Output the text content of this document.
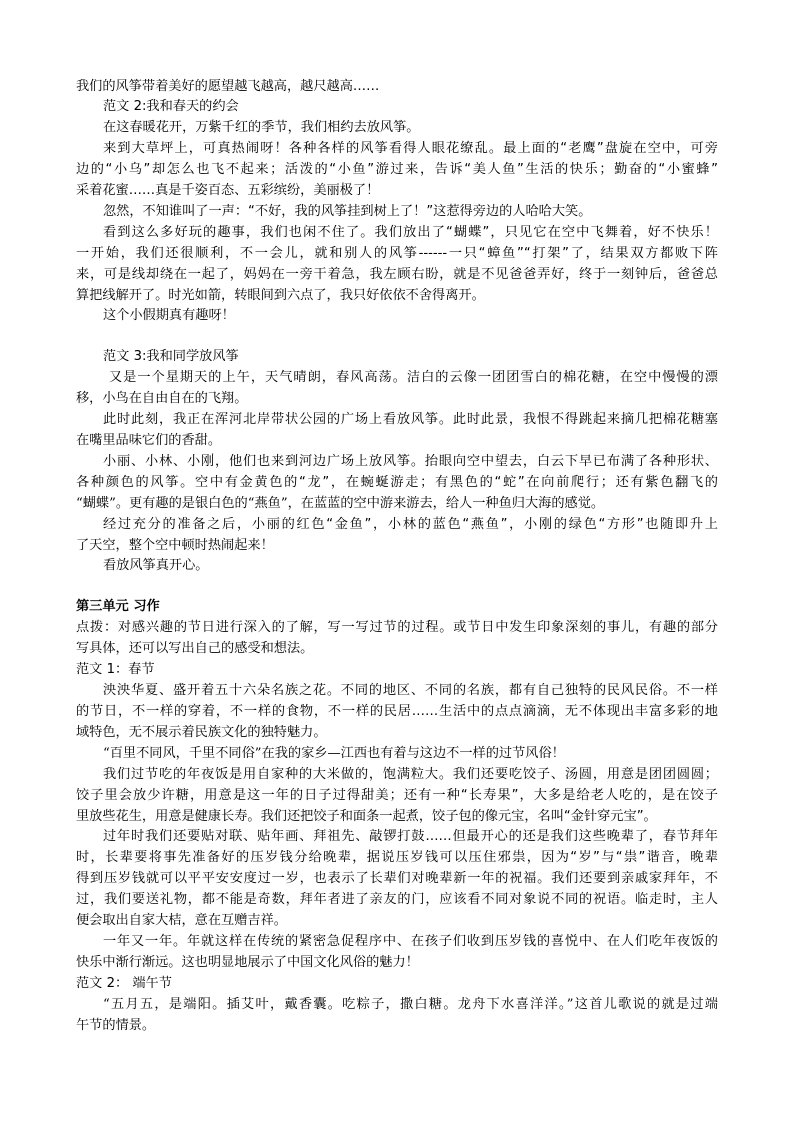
我们的风筝带着美好的愿望越飞越高，越尺越高……
范文 2:我和春天的约会
在这春暖花开，万紫千红的季节，我们相约去放风筝。
来到大草坪上，可真热闹呀！各种各样的风筝看得人眼花缭乱。最上面的“老鹰”盘旋在空中，可旁
边的“小乌”却怎么也飞不起来；活泼的“小鱼”游过来，告诉“美人鱼”生活的快乐；勤奋的“小蜜蜂”
采着花蜜……真是千姿百态、五彩缤纷，美丽极了！
忽然，不知谁叫了一声：“不好，我的风筝挂到树上了！”这惹得旁边的人哈哈大笑。
看到这么多好玩的趣事，我们也闲不住了。我们放出了“蝴蝶”，只见它在空中飞舞着，好不快乐！
一开始，我们还很顺利，不一会儿，就和别人的风筝------一只“蟑鱼”“打架”了，结果双方都败下阵
来，可是线却绕在一起了，妈妈在一旁干着急，我左顾右盼，就是不见爸爸弄好，终于一刻钟后，爸爸总
算把线解开了。时光如箭，转眼间到六点了，我只好依依不舍得离开。
这个小假期真有趣呀！
范文 3:我和同学放风筝
又是一个星期天的上午，天气晴朗，春风高荡。洁白的云像一团团雪白的棉花糖，在空中慢慢的漂
移，小鸟在自由自在的飞翔。
此时此刻，我正在浑河北岸带状公园的广场上看放风筝。此时此景，我恨不得跳起来摘几把棉花糖塞
在嘴里品味它们的香甜。
小丽、小林、小刚，他们也来到河边广场上放风筝。抬眼向空中望去，白云下早已布满了各种形状、
各种颜色的风筝。空中有金黄色的“龙”，在蜿蜒游走；有黑色的“蛇”在向前爬行；还有紫色翻飞的
“蝴蝶”。更有趣的是银白色的“燕鱼”，在蓝蓝的空中游来游去，给人一种鱼归大海的感觉。
经过充分的准备之后，小丽的红色“金鱼”，小林的蓝色“燕鱼”，小刚的绿色“方形”也随即升上
了天空，整个空中顿时热闹起来！
看放风筝真开心。
第三单元 习作
点拨：对感兴趣的节日进行深入的了解，写一写过节的过程。或节日中发生印象深刻的事儿，有趣的部分
写具体，还可以写出自己的感受和想法。
范文 1：春节
泱泱华夏、盛开着五十六朵名族之花。不同的地区、不同的名族，都有自己独特的民风民俗。不一样
的节日，不一样的穿着，不一样的食物，不一样的民居……生活中的点点滴滴，无不体现出丰富多彩的地
域特色，无不展示着民族文化的独特魅力。
“百里不同风，千里不同俗”在我的家乡—江西也有着与这边不一样的过节风俗！
我们过节吃的年夜饭是用自家种的大米做的，饱满粒大。我们还要吃饺子、汤圆，用意是团团圆圆；
饺子里会放少许糖，用意是这一年的日子过得甜美；还有一种“长寿果”，大多是给老人吃的，是在饺子
里放些花生，用意是健康长寿。我们还把饺子和面条一起煮，饺子包的像元宝，名叫“金针穿元宝”。
过年时我们还要贴对联、贴年画、拜祖先、敲锣打鼓……但最开心的还是我们这些晚辈了，春节拜年
时，长辈要将事先准备好的压岁钱分给晚辈，据说压岁钱可以压住邪祟，因为“岁”与“祟”谐音，晚辈
得到压岁钱就可以平平安安度过一岁，也表示了长辈们对晚辈新一年的祝福。我们还要到亲戚家拜年，不
过，我们要送礼物，都不能是奇数，拜年者进了亲友的门，应该看不同对象说不同的祝语。临走时，主人
便会取出自家大桔，意在互赠吉祥。
一年又一年。年就这样在传统的紧密急促程序中、在孩子们收到压岁钱的喜悦中、在人们吃年夜饭的
快乐中渐行渐远。这也明显地展示了中国文化风俗的魅力！
范文 2： 端午节
“五月五，是端阳。插艾叶，戴香囊。吃粽子，撒白糖。龙舟下水喜洋洋。”这首儿歌说的就是过端
午节的情景。
